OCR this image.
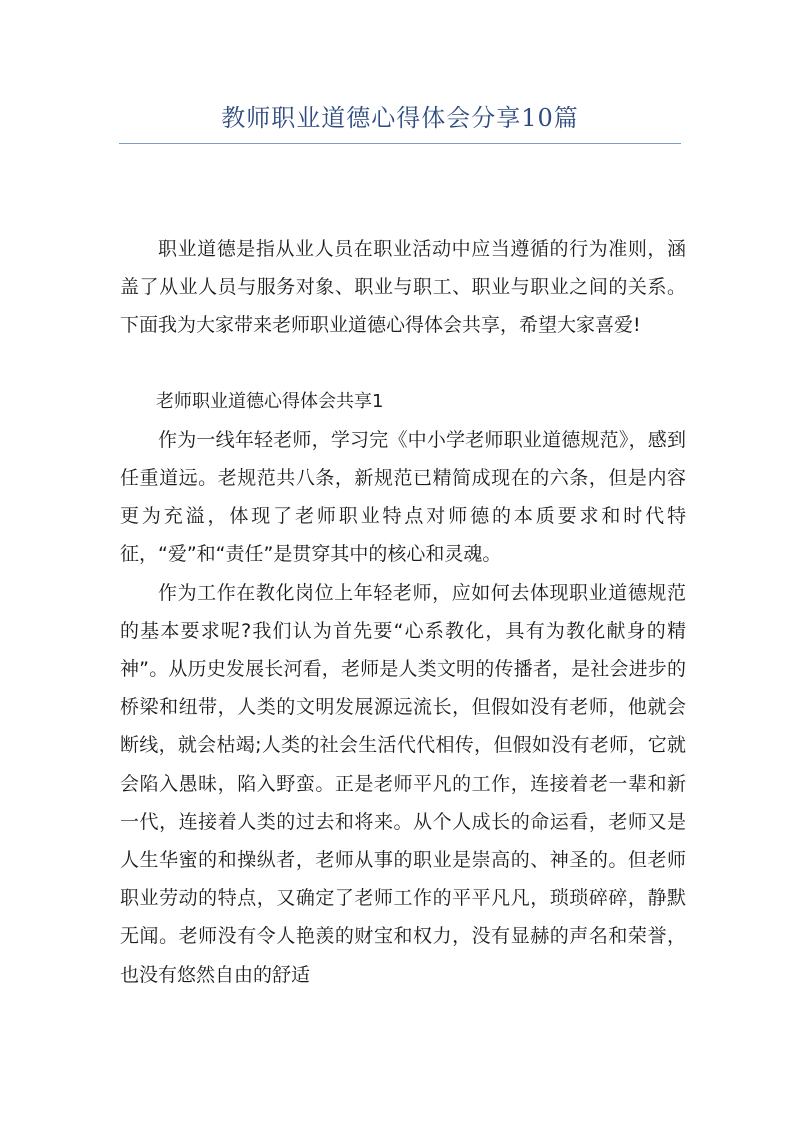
教师职业道德心得体会分享10篇

职业道德是指从业人员在职业活动中应当遵循的行为准则，涵盖了从业人员与服务对象、职业与职工、职业与职业之间的关系。下面我为大家带来老师职业道德心得体会共享，希望大家喜爱!

老师职业道德心得体会共享1

作为一线年轻老师，学习完《中小学老师职业道德规范》，感到任重道远。老规范共八条，新规范已精简成现在的六条，但是内容更为充溢，体现了老师职业特点对师德的本质要求和时代特征，“爱”和“责任”是贯穿其中的核心和灵魂。

作为工作在教化岗位上年轻老师，应如何去体现职业道德规范的基本要求呢?我们认为首先要“心系教化，具有为教化献身的精神”。从历史发展长河看，老师是人类文明的传播者，是社会进步的桥梁和纽带，人类的文明发展源远流长，但假如没有老师，他就会断线，就会枯竭;人类的社会生活代代相传，但假如没有老师，它就会陷入愚昧，陷入野蛮。正是老师平凡的工作，连接着老一辈和新一代，连接着人类的过去和将来。从个人成长的命运看，老师又是人生华蜜的和操纵者，老师从事的职业是崇高的、神圣的。但老师职业劳动的特点，又确定了老师工作的平平凡凡，琐琐碎碎，静默无闻。老师没有令人艳羡的财宝和权力，没有显赫的声名和荣誉，也没有悠然自由的舒适
